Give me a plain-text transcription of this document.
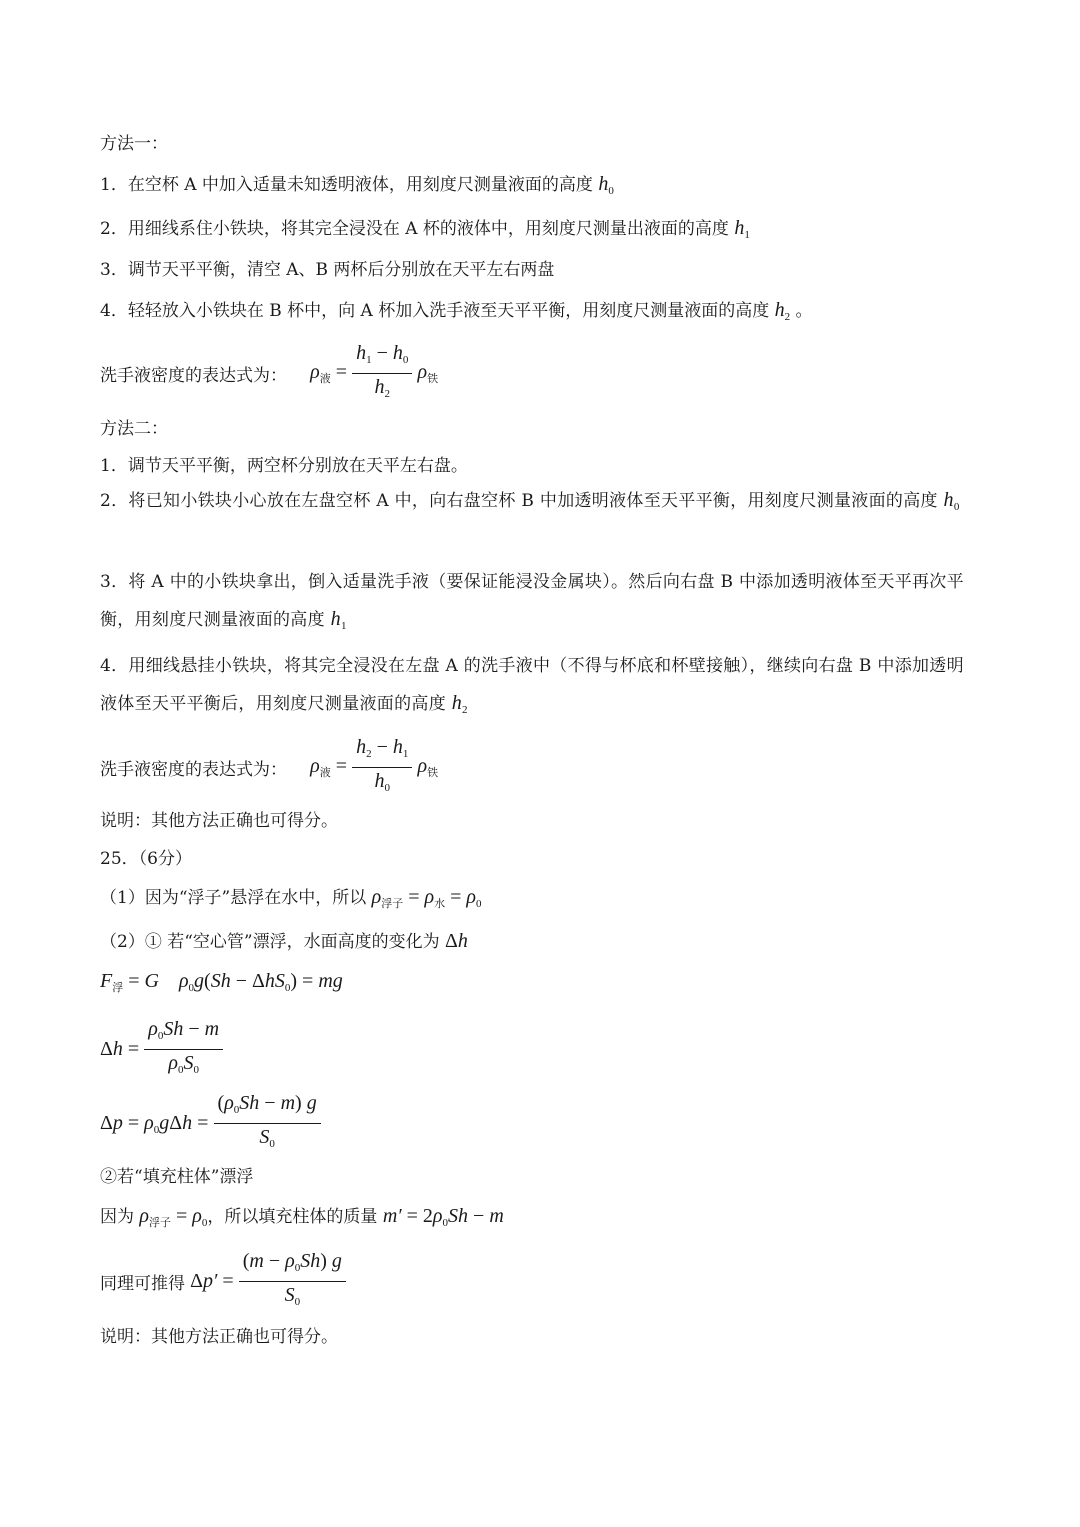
方法一：
1．在空杯 A 中加入适量未知透明液体，用刻度尺测量液面的高度 $h_0$
2．用细线系住小铁块，将其完全浸没在 A 杯的液体中，用刻度尺测量出液面的高度 $h_1$
3．调节天平平衡，清空 A、B 两杯后分别放在天平左右两盘
4．轻轻放入小铁块在 B 杯中，向 A 杯加入洗手液至天平平衡，用刻度尺测量液面的高度 $h_2$ 。
洗手液密度的表达式为： $\rho_液 = \frac{h_1 - h_0}{h_2} \rho_铁$
方法二：
1．调节天平平衡，两空杯分别放在天平左右盘。
2．将已知小铁块小心放在左盘空杯 A 中，向右盘空杯 B 中加透明液体至天平平衡，用刻度尺测量液面的高度 $h_0$
3．将 A 中的小铁块拿出，倒入适量洗手液（要保证能浸没金属块）。然后向右盘 B 中添加透明液体至天平再次平衡，用刻度尺测量液面的高度 $h_1$
4．用细线悬挂小铁块，将其完全浸没在左盘 A 的洗手液中（不得与杯底和杯壁接触），继续向右盘 B 中添加透明液体至天平平衡后，用刻度尺测量液面的高度 $h_2$
洗手液密度的表达式为： $\rho_液 = \frac{h_2 - h_1}{h_0} \rho_铁$
说明：其他方法正确也可得分。
25．（6分）
（1）因为“浮子”悬浮在水中，所以 $\rho_{浮子} = \rho_水 = \rho_0$
（2）① 若“空心管”漂浮，水面高度的变化为 Δh
$F_浮 = G$    $\rho_0g(Sh - \Delta hS_0)$ = mg
$\Delta h = \frac{\rho_0Sh - m}{\rho_0S_0}$
$\Delta p = \rho_0g\Delta h = \frac{(\rho_0Sh - m) g}{S_0}$
②若“填充柱体”漂浮
因为 $\rho_{浮子} = \rho_0$，所以填充柱体的质量 $m' = 2\rho_0Sh - m$
同理可推得 $\Delta p' = \frac{(m - \rho_0Sh) g}{S_0}$
说明：其他方法正确也可得分。
